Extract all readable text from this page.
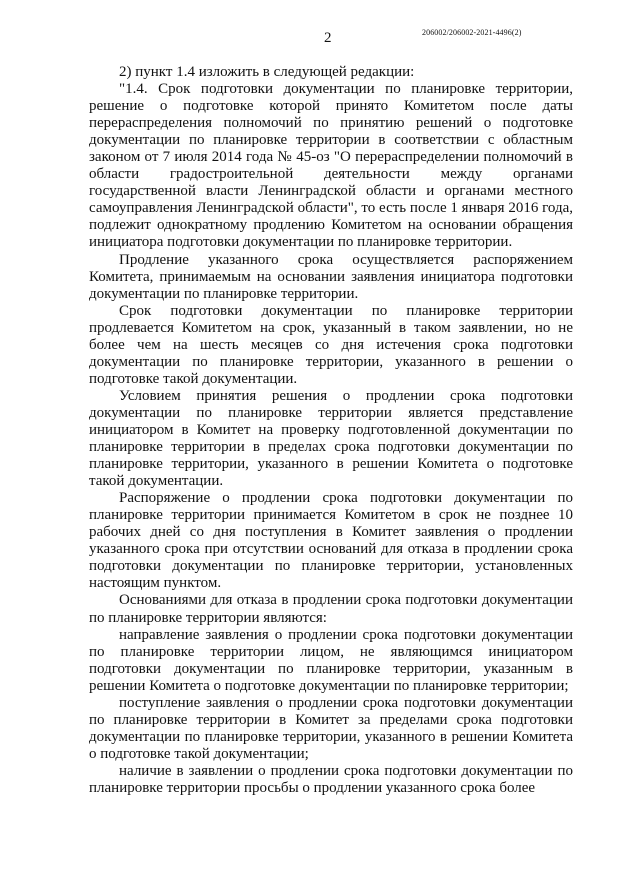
2	206002/206002-2021-4496(2)

2) пункт 1.4 изложить в следующей редакции:

"1.4. Срок подготовки документации по планировке территории, решение о подготовке которой принято Комитетом после даты перераспределения полномочий по принятию решений о подготовке документации по планировке территории в соответствии с областным законом от 7 июля 2014 года № 45-оз "О перераспределении полномочий в области градостроительной деятельности между органами государственной власти Ленинградской области и органами местного самоуправления Ленинградской области", то есть после 1 января 2016 года, подлежит однократному продлению Комитетом на основании обращения инициатора подготовки документации по планировке территории.

Продление указанного срока осуществляется распоряжением Комитета, принимаемым на основании заявления инициатора подготовки документации по планировке территории.

Срок подготовки документации по планировке территории продлевается Комитетом на срок, указанный в таком заявлении, но не более чем на шесть месяцев со дня истечения срока подготовки документации по планировке территории, указанного в решении о подготовке такой документации.

Условием принятия решения о продлении срока подготовки документации по планировке территории является представление инициатором в Комитет на проверку подготовленной документации по планировке территории в пределах срока подготовки документации по планировке территории, указанного в решении Комитета о подготовке такой документации.

Распоряжение о продлении срока подготовки документации по планировке территории принимается Комитетом в срок не позднее 10 рабочих дней со дня поступления в Комитет заявления о продлении указанного срока при отсутствии оснований для отказа в продлении срока подготовки документации по планировке территории, установленных настоящим пунктом.

Основаниями для отказа в продлении срока подготовки документации по планировке территории являются:

направление заявления о продлении срока подготовки документации по планировке территории лицом, не являющимся инициатором подготовки документации по планировке территории, указанным в решении Комитета о подготовке документации по планировке территории;

поступление заявления о продлении срока подготовки документации по планировке территории в Комитет за пределами срока подготовки документации по планировке территории, указанного в решении Комитета о подготовке такой документации;

наличие в заявлении о продлении срока подготовки документации по планировке территории просьбы о продлении указанного срока более
